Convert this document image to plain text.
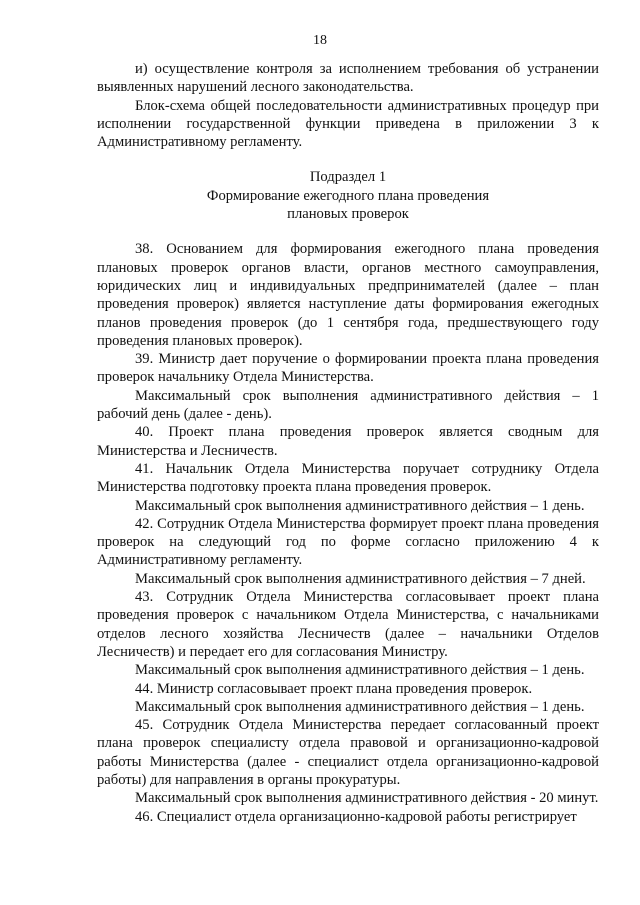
18

и) осуществление контроля за исполнением требования об устранении выявленных нарушений лесного законодательства.

Блок-схема общей последовательности административных процедур при исполнении государственной функции приведена в приложении 3 к Административному регламенту.

Подраздел 1

Формирование ежегодного плана проведения

плановых проверок

38. Основанием для формирования ежегодного плана проведения плановых проверок органов власти, органов местного самоуправления, юридических лиц и индивидуальных предпринимателей (далее – план проведения проверок) является наступление даты формирования ежегодных планов проведения проверок (до 1 сентября года, предшествующего году проведения плановых проверок).

39. Министр дает поручение о формировании проекта плана проведения проверок начальнику Отдела Министерства.

Максимальный срок выполнения административного действия – 1 рабочий день (далее - день).

40. Проект плана проведения проверок является сводным для Министерства и Лесничеств.

41. Начальник Отдела Министерства поручает сотруднику Отдела Министерства подготовку проекта плана проведения проверок.

Максимальный срок выполнения административного действия – 1 день.

42. Сотрудник Отдела Министерства формирует проект плана проведения проверок на следующий год по форме согласно приложению 4 к Административному регламенту.

Максимальный срок выполнения административного действия – 7 дней.

43. Сотрудник Отдела Министерства согласовывает проект плана проведения проверок с начальником Отдела Министерства, с начальниками отделов лесного хозяйства Лесничеств (далее – начальники Отделов Лесничеств) и передает его для согласования Министру.

Максимальный срок выполнения административного действия – 1 день.

44. Министр согласовывает проект плана проведения проверок.

Максимальный срок выполнения административного действия – 1 день.

45. Сотрудник Отдела Министерства передает согласованный проект плана проверок специалисту отдела правовой и организационно-кадровой работы Министерства (далее - специалист отдела организационно-кадровой работы) для направления в органы прокуратуры.

Максимальный срок выполнения административного действия - 20 минут.

46. Специалист отдела организационно-кадровой работы регистрирует
